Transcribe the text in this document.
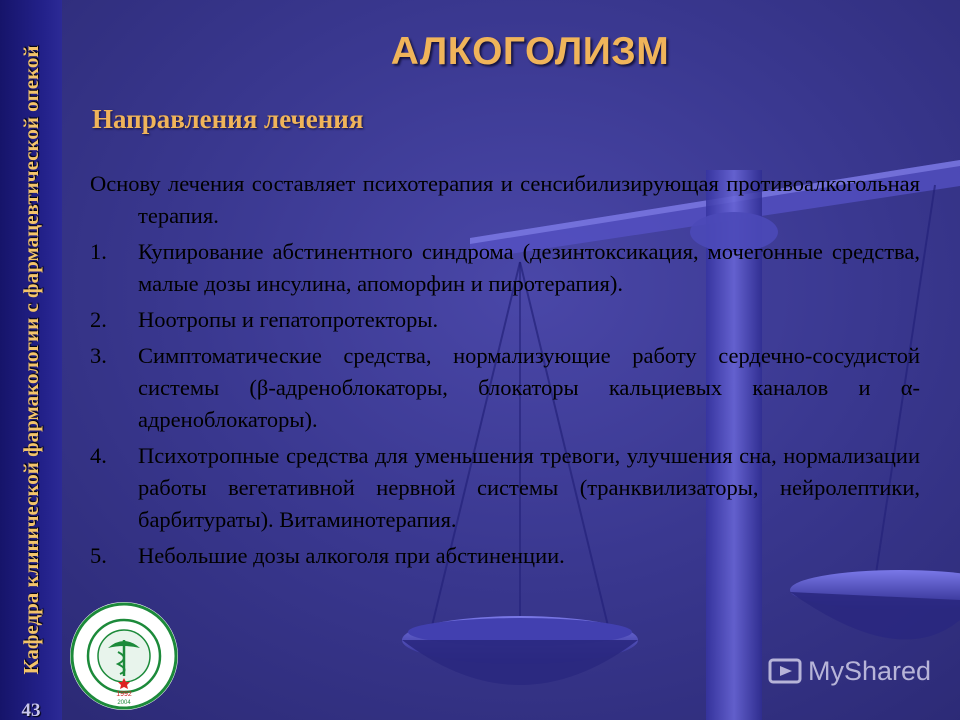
Кафедра клинической фармакологии с фармацевтической опекой
43
АЛКОГОЛИЗМ
Направления лечения
Основу лечения составляет психотерапия и сенсибилизирующая противоалкогольная терапия.
1.	Купирование абстинентного синдрома (дезинтоксикация, мочегонные средства, малые дозы инсулина, апоморфин и пиротерапия).
2.	Ноотропы и гепатопротекторы.
3.	Симптоматические средства, нормализующие работу сердечно-сосудистой системы (β-адреноблокаторы, блокаторы кальциевых каналов и α-адреноблокаторы).
4.	Психотропные средства для уменьшения тревоги, улучшения сна, нормализации работы вегетативной нервной системы (транквилизаторы, нейролептики, барбитураты). Витаминотерапия.
5.	Небольшие дозы алкоголя при абстиненции.
1992
2004
MyShared
